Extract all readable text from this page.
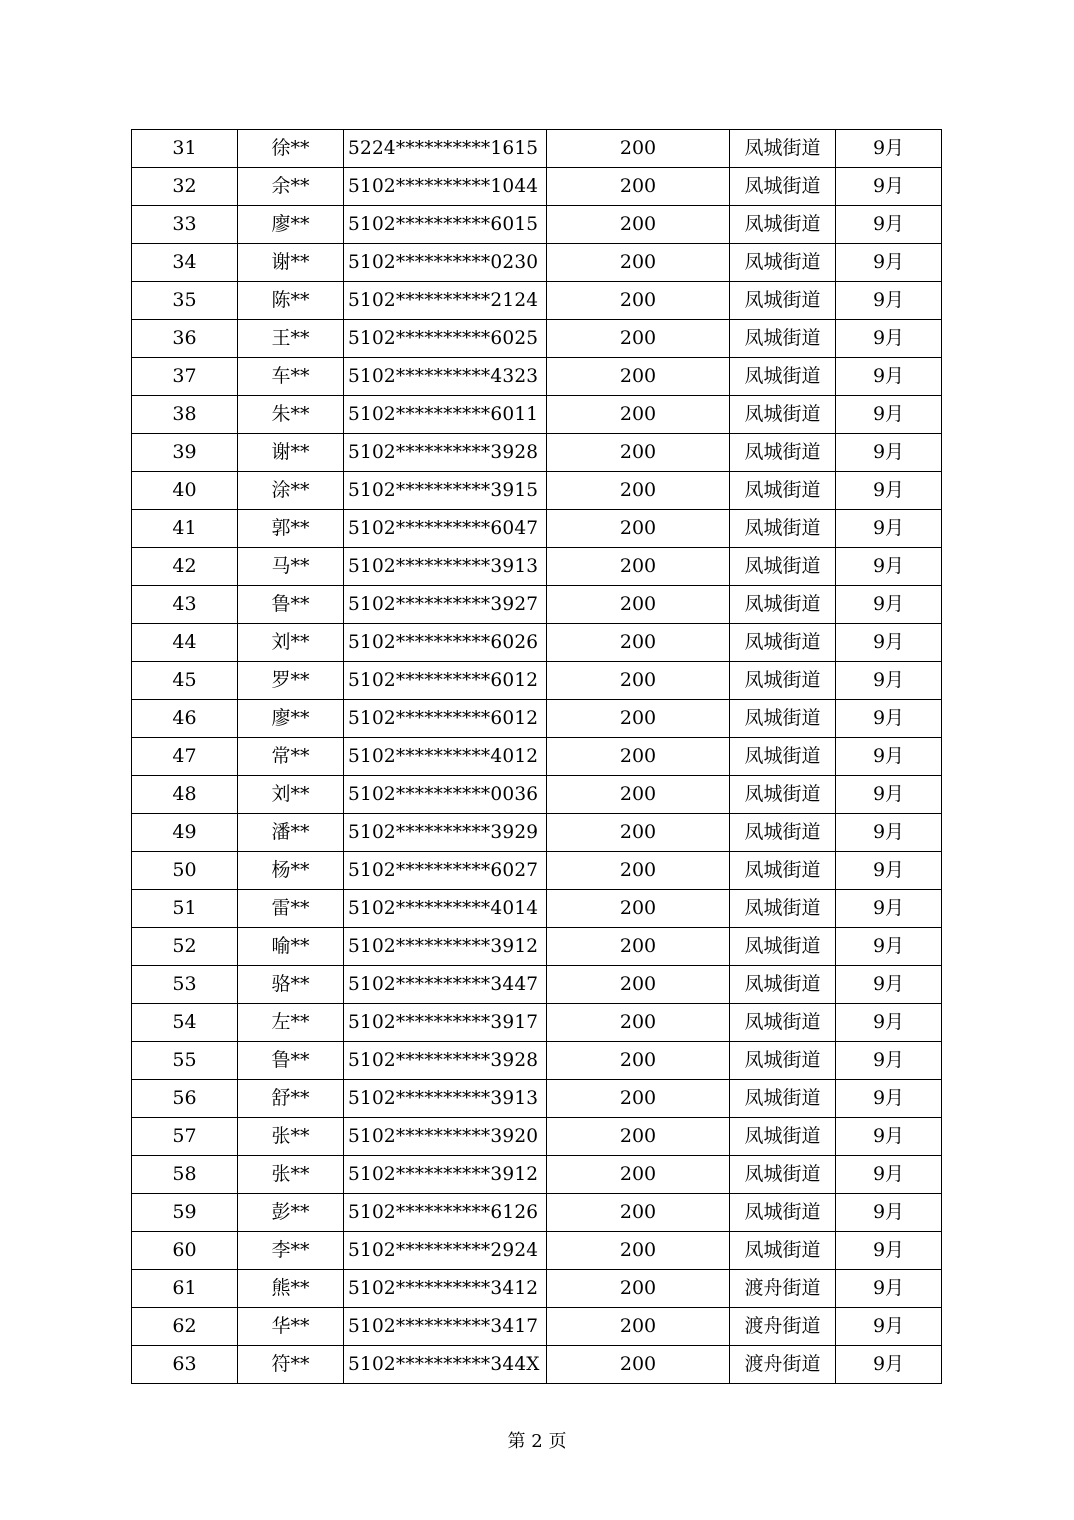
31	徐**	5224**********1615	200	凤城街道	9月
32	余**	5102**********1044	200	凤城街道	9月
33	廖**	5102**********6015	200	凤城街道	9月
34	谢**	5102**********0230	200	凤城街道	9月
35	陈**	5102**********2124	200	凤城街道	9月
36	王**	5102**********6025	200	凤城街道	9月
37	车**	5102**********4323	200	凤城街道	9月
38	朱**	5102**********6011	200	凤城街道	9月
39	谢**	5102**********3928	200	凤城街道	9月
40	涂**	5102**********3915	200	凤城街道	9月
41	郭**	5102**********6047	200	凤城街道	9月
42	马**	5102**********3913	200	凤城街道	9月
43	鲁**	5102**********3927	200	凤城街道	9月
44	刘**	5102**********6026	200	凤城街道	9月
45	罗**	5102**********6012	200	凤城街道	9月
46	廖**	5102**********6012	200	凤城街道	9月
47	常**	5102**********4012	200	凤城街道	9月
48	刘**	5102**********0036	200	凤城街道	9月
49	潘**	5102**********3929	200	凤城街道	9月
50	杨**	5102**********6027	200	凤城街道	9月
51	雷**	5102**********4014	200	凤城街道	9月
52	喻**	5102**********3912	200	凤城街道	9月
53	骆**	5102**********3447	200	凤城街道	9月
54	左**	5102**********3917	200	凤城街道	9月
55	鲁**	5102**********3928	200	凤城街道	9月
56	舒**	5102**********3913	200	凤城街道	9月
57	张**	5102**********3920	200	凤城街道	9月
58	张**	5102**********3912	200	凤城街道	9月
59	彭**	5102**********6126	200	凤城街道	9月
60	李**	5102**********2924	200	凤城街道	9月
61	熊**	5102**********3412	200	渡舟街道	9月
62	华**	5102**********3417	200	渡舟街道	9月
63	符**	5102**********344X	200	渡舟街道	9月
第 2 页
